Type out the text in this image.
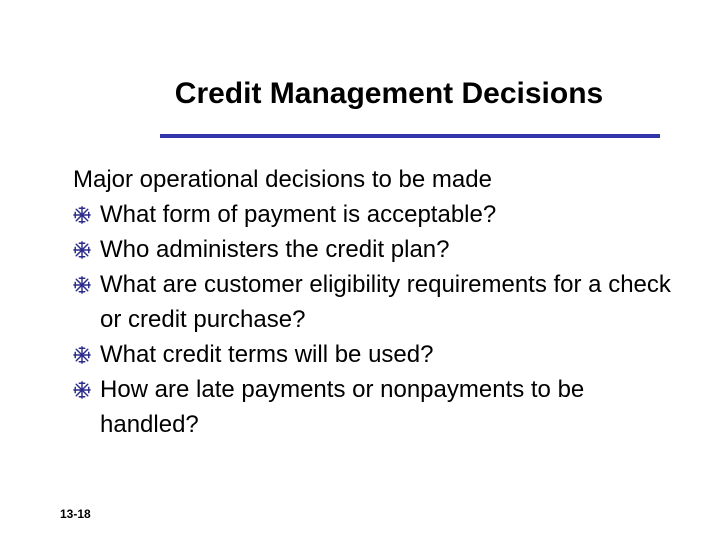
Credit Management Decisions

Major operational decisions to be made

What form of payment is acceptable?
Who administers the credit plan?
What are customer eligibility requirements for a check or credit purchase?
What credit terms will be used?
How are late payments or nonpayments to be handled?
13-18
